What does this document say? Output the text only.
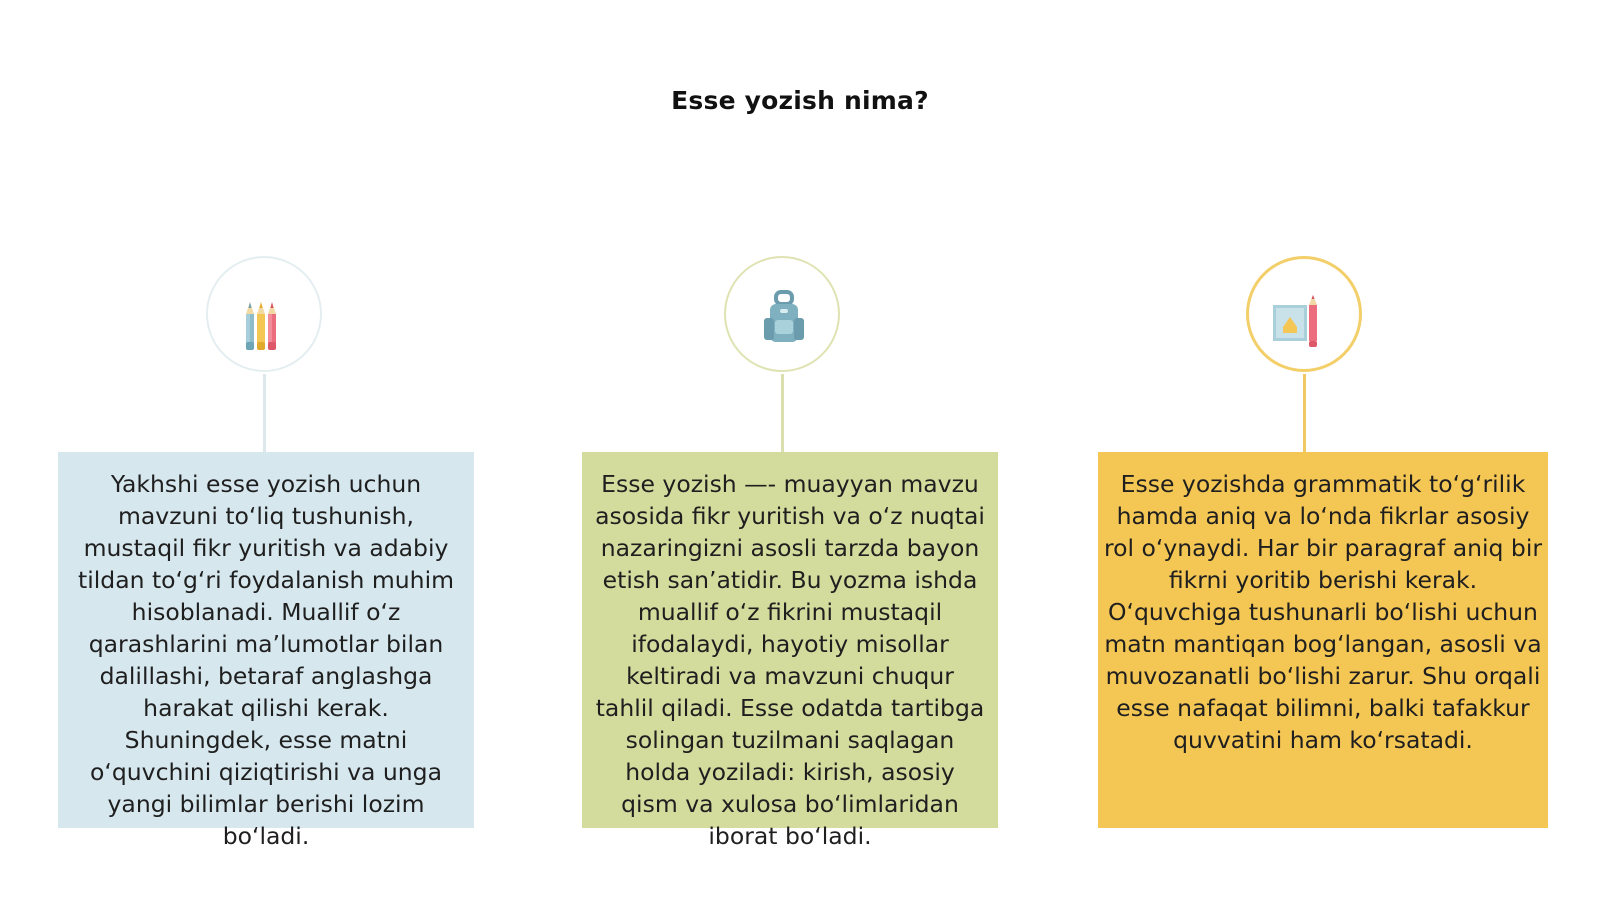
Esse yozish nima?
Yakhshi esse yozish uchun mavzuni to‘liq tushunish, mustaqil fikr yuritish va adabiy tildan to‘g‘ri foydalanish muhim hisoblanadi. Muallif o‘z qarashlarini ma’lumotlar bilan dalillashi, betaraf anglashga harakat qilishi kerak. Shuningdek, esse matni o‘quvchini qiziqtirishi va unga yangi bilimlar berishi lozim bo‘ladi.
Esse yozish —- muayyan mavzu asosida fikr yuritish va o‘z nuqtai nazaringizni asosli tarzda bayon etish san’atidir. Bu yozma ishda muallif o‘z fikrini mustaqil ifodalaydi, hayotiy misollar keltiradi va mavzuni chuqur tahlil qiladi. Esse odatda tartibga solingan tuzilmani saqlagan holda yoziladi: kirish, asosiy qism va xulosa bo‘limlaridan iborat bo‘ladi.
Esse yozishda grammatik to‘g‘rilik hamda aniq va lo‘nda fikrlar asosiy rol o‘ynaydi. Har bir paragraf aniq bir fikrni yoritib berishi kerak. O‘quvchiga tushunarli bo‘lishi uchun matn mantiqan bog‘langan, asosli va muvozanatli bo‘lishi zarur. Shu orqali esse nafaqat bilimni, balki tafakkur quvvatini ham ko‘rsatadi.
